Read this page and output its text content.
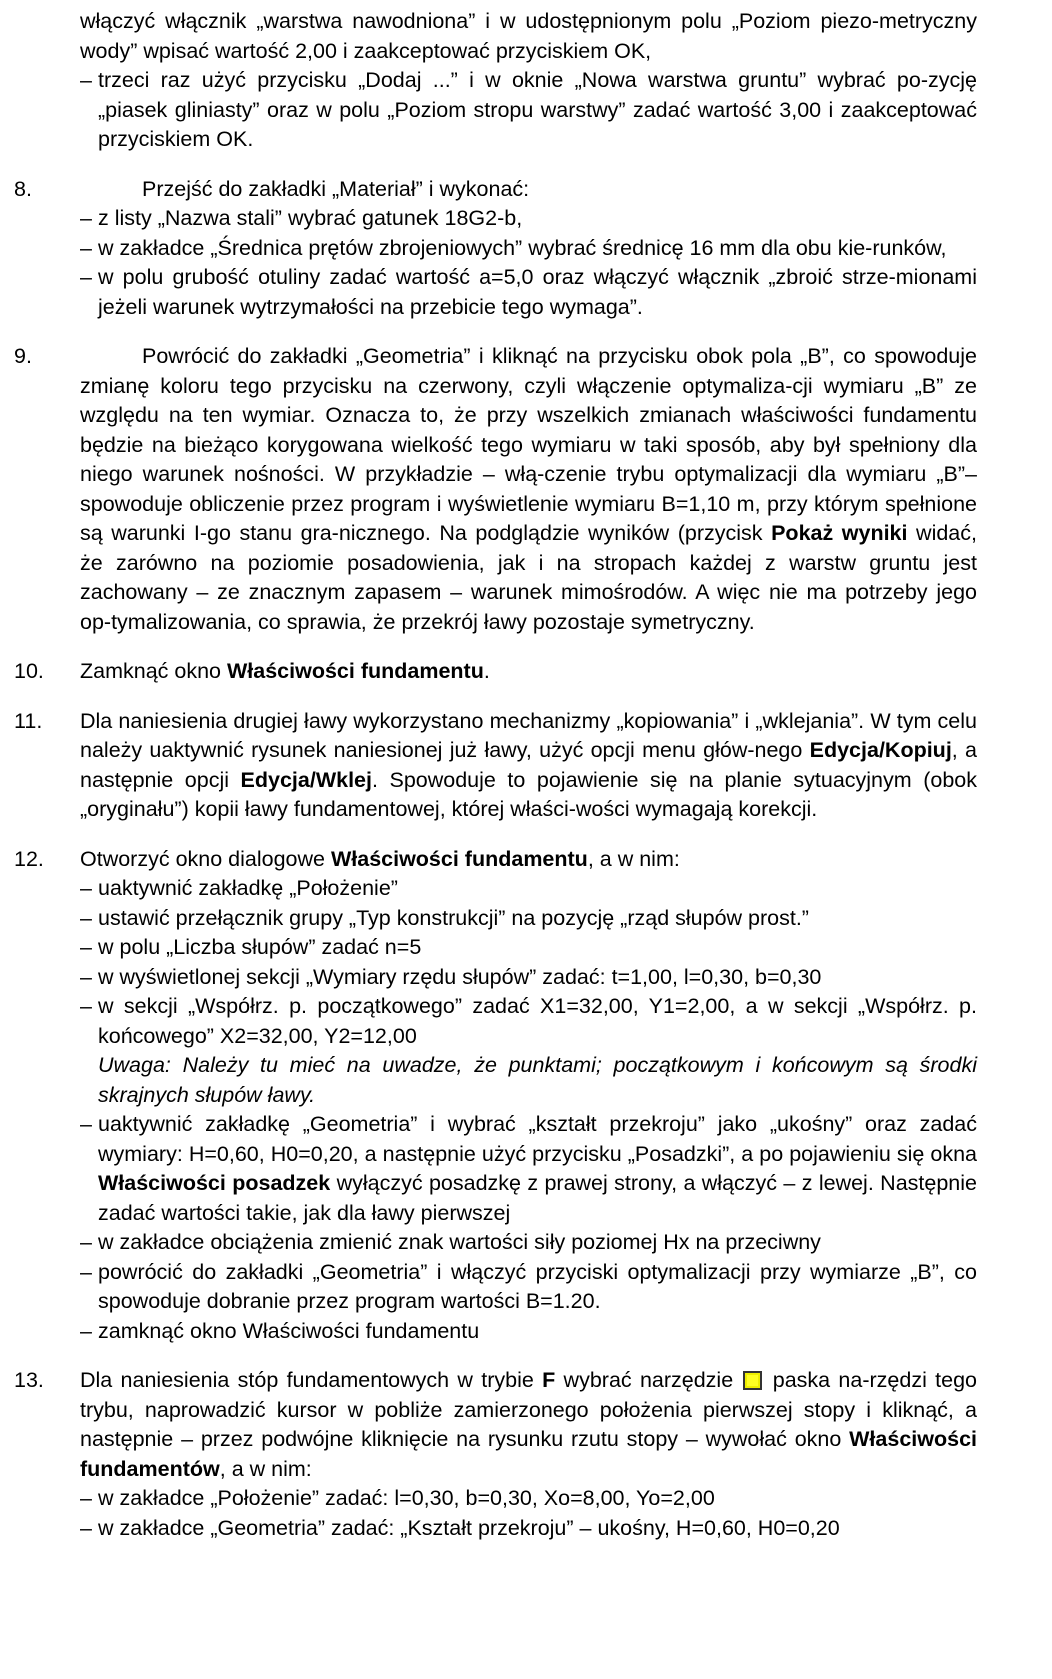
włączyć włącznik „warstwa nawodniona” i w udostępnionym polu „Poziom piezo-metryczny wody” wpisać wartość 2,00 i zaakceptować przyciskiem OK,
– trzeci raz użyć przycisku „Dodaj ...” i w oknie „Nowa warstwa gruntu” wybrać po-zycję „piasek gliniasty” oraz w polu „Poziom stropu warstwy” zadać wartość 3,00 i zaakceptować przyciskiem OK.
8.	Przejść do zakładki „Materiał” i wykonać:
– z listy „Nazwa stali” wybrać gatunek 18G2-b,
– w zakładce „Średnica prętów zbrojeniowych” wybrać średnicę 16 mm dla obu kie-runków,
– w polu grubość otuliny zadać wartość a=5,0 oraz włączyć włącznik „zbroić strze-mionami jeżeli warunek wytrzymałości na przebicie tego wymaga”.
9.	Powrócić do zakładki „Geometria” i kliknąć na przycisku obok pola „B”, co spowoduje zmianę koloru tego przycisku na czerwony, czyli włączenie optymaliza-cji wymiaru „B” ze względu na ten wymiar. Oznacza to, że przy wszelkich zmianach właściwości fundamentu będzie na bieżąco korygowana wielkość tego wymiaru w taki sposób, aby był spełniony dla niego warunek nośności. W przykładzie – włą-czenie trybu optymalizacji dla wymiaru „B”– spowoduje obliczenie przez program i wyświetlenie wymiaru B=1,10 m, przy którym spełnione są warunki I-go stanu gra-nicznego. Na podglądzie wyników (przycisk Pokaż wyniki widać, że zarówno na poziomie posadowienia, jak i na stropach każdej z warstw gruntu jest zachowany – ze znacznym zapasem – warunek mimośrodów. A więc nie ma potrzeby jego op-tymalizowania, co sprawia, że przekrój ławy pozostaje symetryczny.
10. Zamknąć okno Właściwości fundamentu.
11. Dla naniesienia drugiej ławy wykorzystano mechanizmy „kopiowania” i „wklejania”. W tym celu należy uaktywnić rysunek naniesionej już ławy, użyć opcji menu głów-nego Edycja/Kopiuj, a następnie opcji Edycja/Wklej. Spowoduje to pojawienie się na planie sytuacyjnym (obok „oryginału”) kopii ławy fundamentowej, której właści-wości wymagają korekcji.
12. Otworzyć okno dialogowe Właściwości fundamentu, a w nim:
– uaktywnić zakładkę „Położenie”
– ustawić przełącznik grupy „Typ konstrukcji” na pozycję „rząd słupów prost.”
– w polu „Liczba słupów” zadać n=5
– w wyświetlonej sekcji „Wymiary rzędu słupów” zadać: t=1,00, l=0,30, b=0,30
– w sekcji „Współrz. p. początkowego” zadać X1=32,00, Y1=2,00, a w sekcji „Współrz. p. końcowego” X2=32,00, Y2=12,00
Uwaga: Należy tu mieć na uwadze, że punktami; początkowym i końcowym są środki skrajnych słupów ławy.
– uaktywnić zakładkę „Geometria” i wybrać „kształt przekroju” jako „ukośny” oraz zadać wymiary: H=0,60, H0=0,20, a następnie użyć przycisku „Posadzki”, a po pojawieniu się okna Właściwości posadzek wyłączyć posadzkę z prawej strony, a włączyć – z lewej. Następnie zadać wartości takie, jak dla ławy pierwszej
– w zakładce obciążenia zmienić znak wartości siły poziomej Hx na przeciwny
– powrócić do zakładki „Geometria” i włączyć przyciski optymalizacji przy wymiarze „B”, co spowoduje dobranie przez program wartości B=1.20.
– zamknąć okno Właściwości fundamentu
13. Dla naniesienia stóp fundamentowych w trybie F wybrać narzędzie  paska na-rzędzi tego trybu, naprowadzić kursor w pobliże zamierzonego położenia pierwszej stopy i kliknąć, a następnie – przez podwójne kliknięcie na rysunku rzutu stopy – wywołać okno Właściwości fundamentów, a w nim:
– w zakładce „Położenie” zadać: l=0,30, b=0,30, Xo=8,00, Yo=2,00
– w zakładce „Geometria” zadać: „Kształt przekroju” – ukośny, H=0,60, H0=0,20
